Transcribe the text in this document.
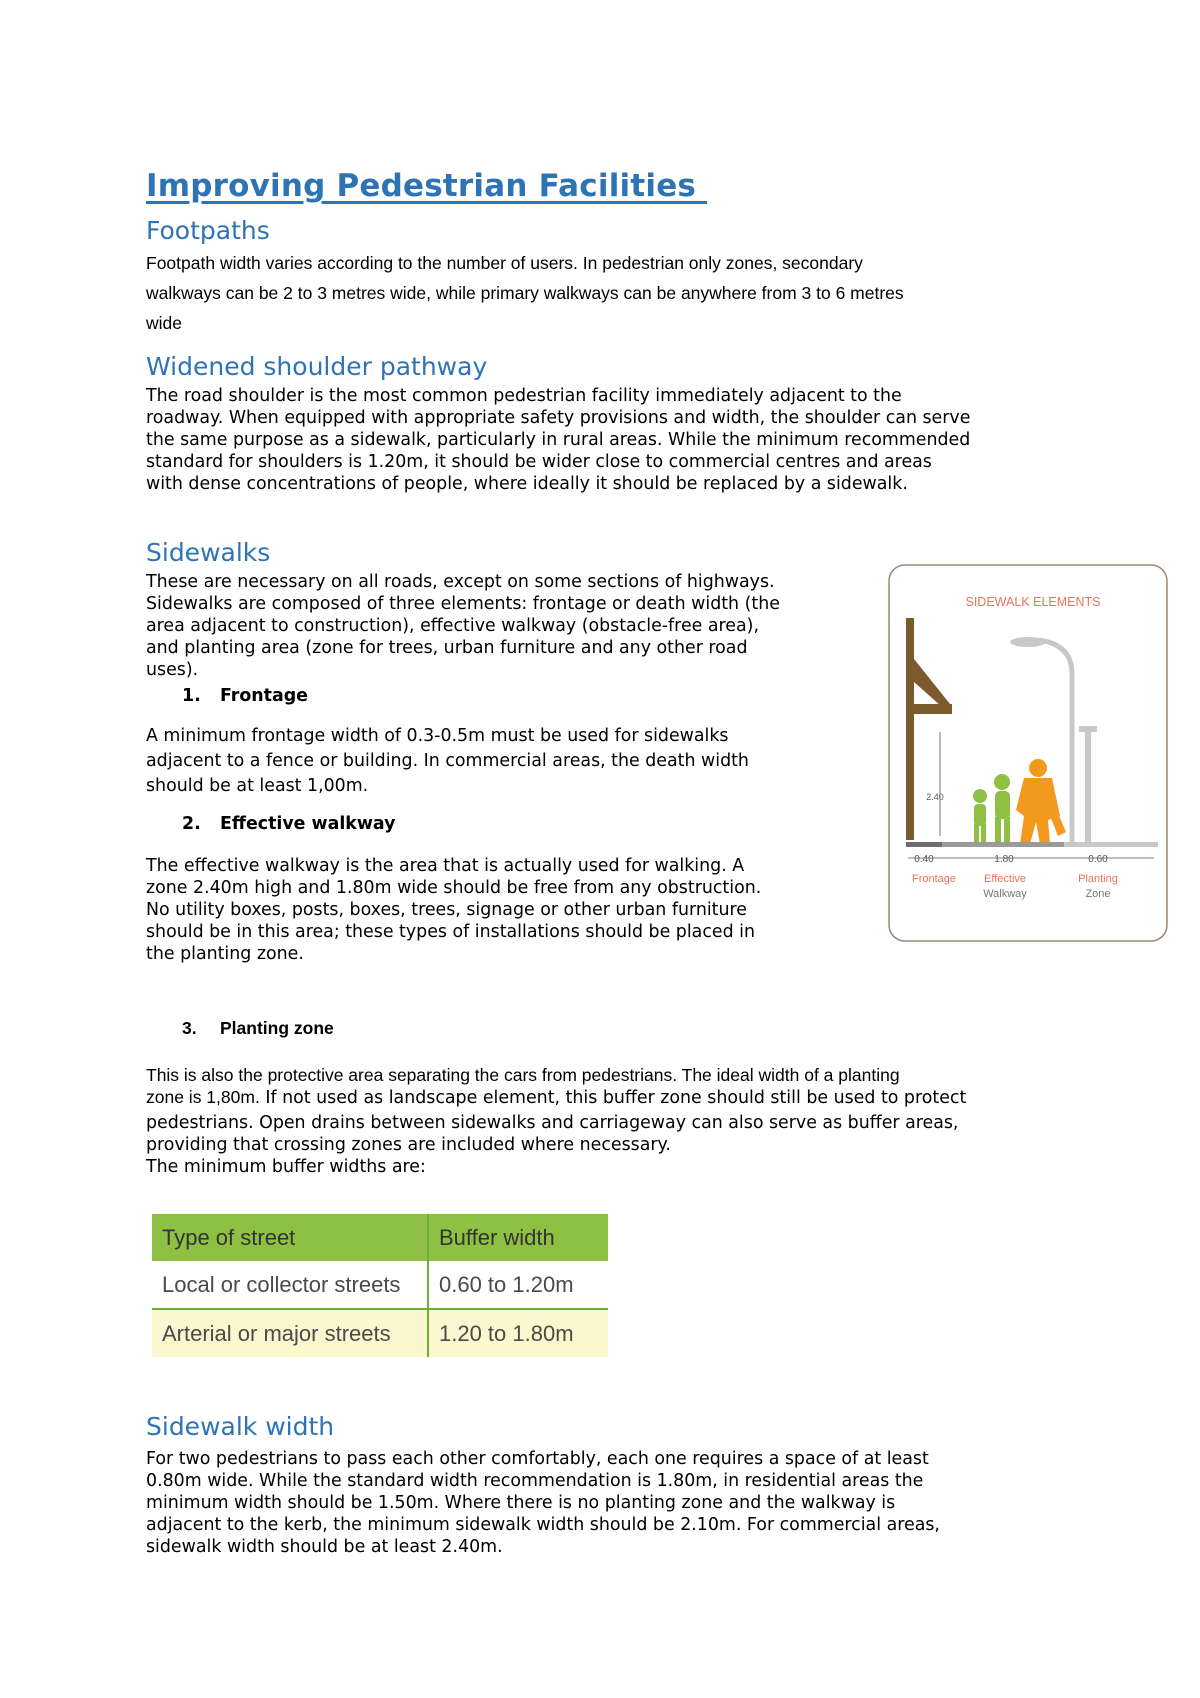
Improving Pedestrian Facilities
Footpaths
Footpath width varies according to the number of users. In pedestrian only zones, secondary
walkways can be 2 to 3 metres wide, while primary walkways can be anywhere from 3 to 6 metres
wide
Widened shoulder pathway
The road shoulder is the most common pedestrian facility immediately adjacent to the
roadway. When equipped with appropriate safety provisions and width, the shoulder can serve
the same purpose as a sidewalk, particularly in rural areas. While the minimum recommended
standard for shoulders is 1.20m, it should be wider close to commercial centres and areas
with dense concentrations of people, where ideally it should be replaced by a sidewalk.
Sidewalks
These are necessary on all roads, except on some sections of highways.
Sidewalks are composed of three elements: frontage or death width (the
area adjacent to construction), effective walkway (obstacle-free area),
and planting area (zone for trees, urban furniture and any other road
uses).
1. Frontage
A minimum frontage width of 0.3-0.5m must be used for sidewalks
adjacent to a fence or building. In commercial areas, the death width
should be at least 1,00m.
2. Effective walkway
The effective walkway is the area that is actually used for walking. A
zone 2.40m high and 1.80m wide should be free from any obstruction.
No utility boxes, posts, boxes, trees, signage or other urban furniture
should be in this area; these types of installations should be placed in
the planting zone.
3. Planting zone
This is also the protective area separating the cars from pedestrians. The ideal width of a planting
zone is 1,80m. If not used as landscape element, this buffer zone should still be used to protect
pedestrians. Open drains between sidewalks and carriageway can also serve as buffer areas,
providing that crossing zones are included where necessary.
The minimum buffer widths are:
Type of street	Buffer width
Local or collector streets	0.60 to 1.20m
Arterial or major streets	1.20 to 1.80m
Sidewalk width
For two pedestrians to pass each other comfortably, each one requires a space of at least
0.80m wide. While the standard width recommendation is 1.80m, in residential areas the
minimum width should be 1.50m. Where there is no planting zone and the walkway is
adjacent to the kerb, the minimum sidewalk width should be 2.10m. For commercial areas,
sidewalk width should be at least 2.40m.
SIDEWALK ELEMENTS
2.40
0.40	1.80	0.60
Frontage	Effective
Walkway
Planting
Zone
